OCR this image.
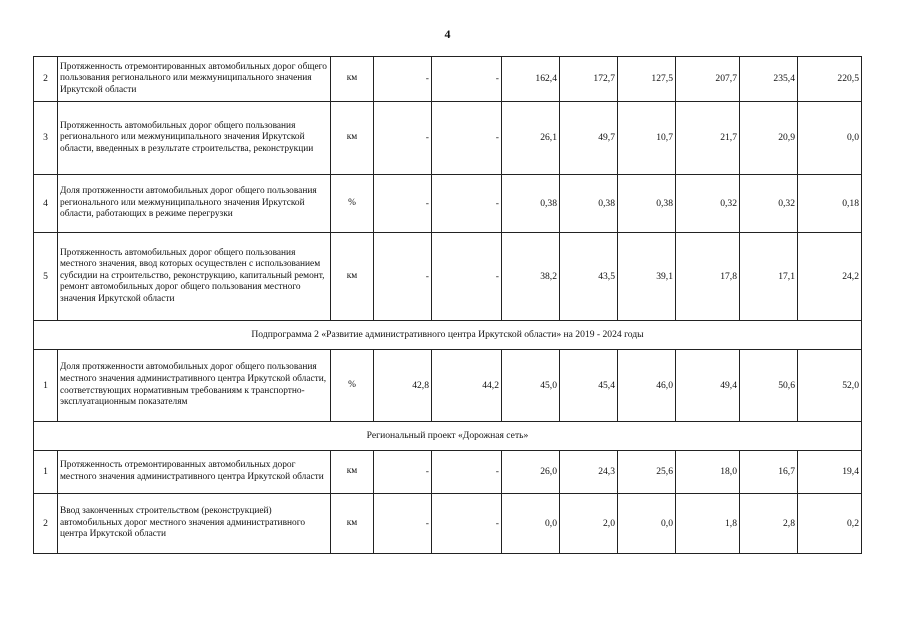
4
2	Протяженность отремонтированных автомобильных дорог общего пользования регионального или межмуниципального значения Иркутской области	км	-	-	162,4	172,7	127,5	207,7	235,4	220,5
3	Протяженность автомобильных дорог общего пользования регионального или межмуниципального значения Иркутской области, введенных в результате строительства, реконструкции	км	-	-	26,1	49,7	10,7	21,7	20,9	0,0
4	Доля протяженности автомобильных дорог общего пользования регионального или межмуниципального значения Иркутской области, работающих в режиме перегрузки	%	-	-	0,38	0,38	0,38	0,32	0,32	0,18
5	Протяженность автомобильных дорог общего пользования местного значения, ввод которых осуществлен с использованием субсидии на строительство, реконструкцию, капитальный ремонт, ремонт автомобильных дорог общего пользования местного значения Иркутской области	км	-	-	38,2	43,5	39,1	17,8	17,1	24,2
Подпрограмма 2 «Развитие административного центра Иркутской области» на 2019 - 2024 годы										
1	Доля протяженности автомобильных дорог общего пользования местного значения административного центра Иркутской области, соответствующих нормативным требованиям к транспортно-эксплуатационным показателям	%	42,8	44,2	45,0	45,4	46,0	49,4	50,6	52,0
Региональный проект «Дорожная сеть»										
1	Протяженность отремонтированных автомобильных дорог местного значения административного центра Иркутской области	км	-	-	26,0	24,3	25,6	18,0	16,7	19,4
2	Ввод законченных строительством (реконструкцией) автомобильных дорог местного значения административного центра Иркутской области	км	-	-	0,0	2,0	0,0	1,8	2,8	0,2
